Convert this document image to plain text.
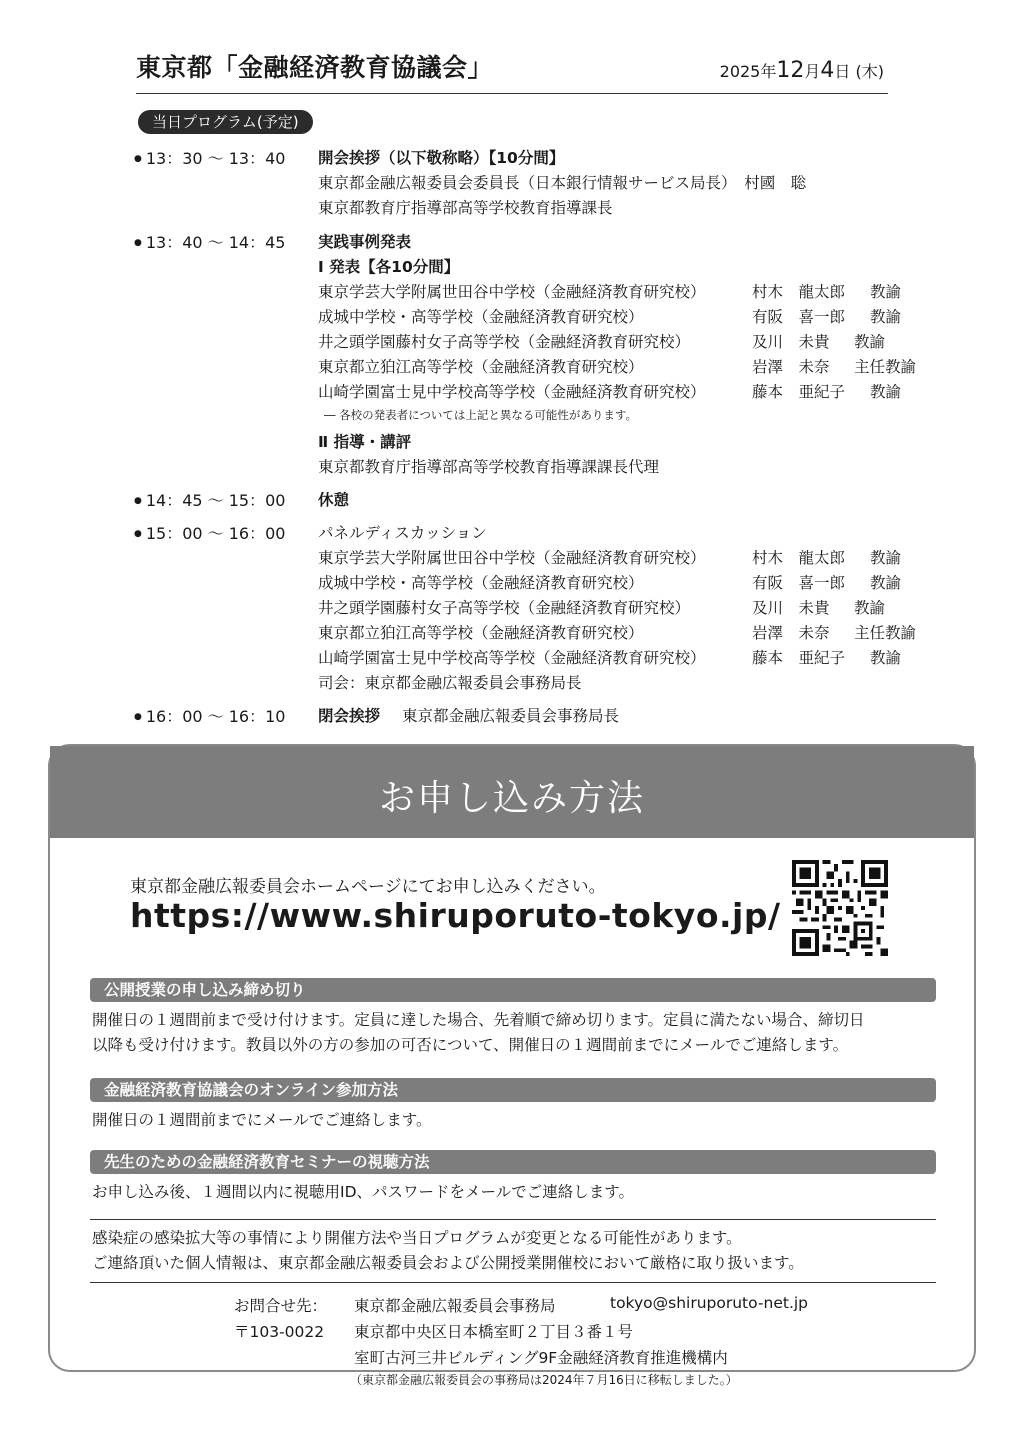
東京都「金融経済教育協議会」	2025年12月4日 (木)
当日プログラム(予定)
● 13：30 ～ 13：40 開会挨拶（以下敬称略）【10分間】
東京都金融広報委員会委員長（日本銀行情報サービス局長）　村國　聡
東京都教育庁指導部高等学校教育指導課長
● 13：40 ～ 14：45 実践事例発表
Ⅰ 発表【各10分間】
東京学芸大学附属世田谷中学校（金融経済教育研究校）	村木　龍太郎 教諭
成城中学校・高等学校（金融経済教育研究校）	有阪　喜一郎 教諭
井之頭学園藤村女子高等学校（金融経済教育研究校）	及川　未貴 教諭
東京都立狛江高等学校（金融経済教育研究校）	岩澤　未奈 主任教諭
山崎学園富士見中学校高等学校（金融経済教育研究校）	藤本　亜紀子 教諭
― 各校の発表者については上記と異なる可能性があります。
Ⅱ 指導・講評
東京都教育庁指導部高等学校教育指導課課長代理
● 14：45 ～ 15：00 休憩
● 15：00 ～ 16：00 パネルディスカッション
東京学芸大学附属世田谷中学校（金融経済教育研究校）	村木　龍太郎 教諭
成城中学校・高等学校（金融経済教育研究校）	有阪　喜一郎 教諭
井之頭学園藤村女子高等学校（金融経済教育研究校）	及川　未貴 教諭
東京都立狛江高等学校（金融経済教育研究校）	岩澤　未奈 主任教諭
山崎学園富士見中学校高等学校（金融経済教育研究校）	藤本　亜紀子 教諭
司会：東京都金融広報委員会事務局長
● 16：00 ～ 16：10 閉会挨拶 東京都金融広報委員会事務局長
お申し込み方法
東京都金融広報委員会ホームページにてお申し込みください。
https://www.shiruporuto-tokyo.jp/
公開授業の申し込み締め切り
開催日の１週間前まで受け付けます。定員に達した場合、先着順で締め切ります。定員に満たない場合、締切日
以降も受け付けます。教員以外の方の参加の可否について、開催日の１週間前までにメールでご連絡します。
金融経済教育協議会のオンライン参加方法
開催日の１週間前までにメールでご連絡します。
先生のための金融経済教育セミナーの視聴方法
お申し込み後、１週間以内に視聴用ID、パスワードをメールでご連絡します。
感染症の感染拡大等の事情により開催方法や当日プログラムが変更となる可能性があります。
ご連絡頂いた個人情報は、東京都金融広報委員会および公開授業開催校において厳格に取り扱います。
お問合せ先： 東京都金融広報委員会事務局	tokyo@shiruporuto-net.jp
〒103-0022 東京都中央区日本橋室町２丁目３番１号
室町古河三井ビルディング9F金融経済教育推進機構内
（東京都金融広報委員会の事務局は2024年７月16日に移転しました。）
